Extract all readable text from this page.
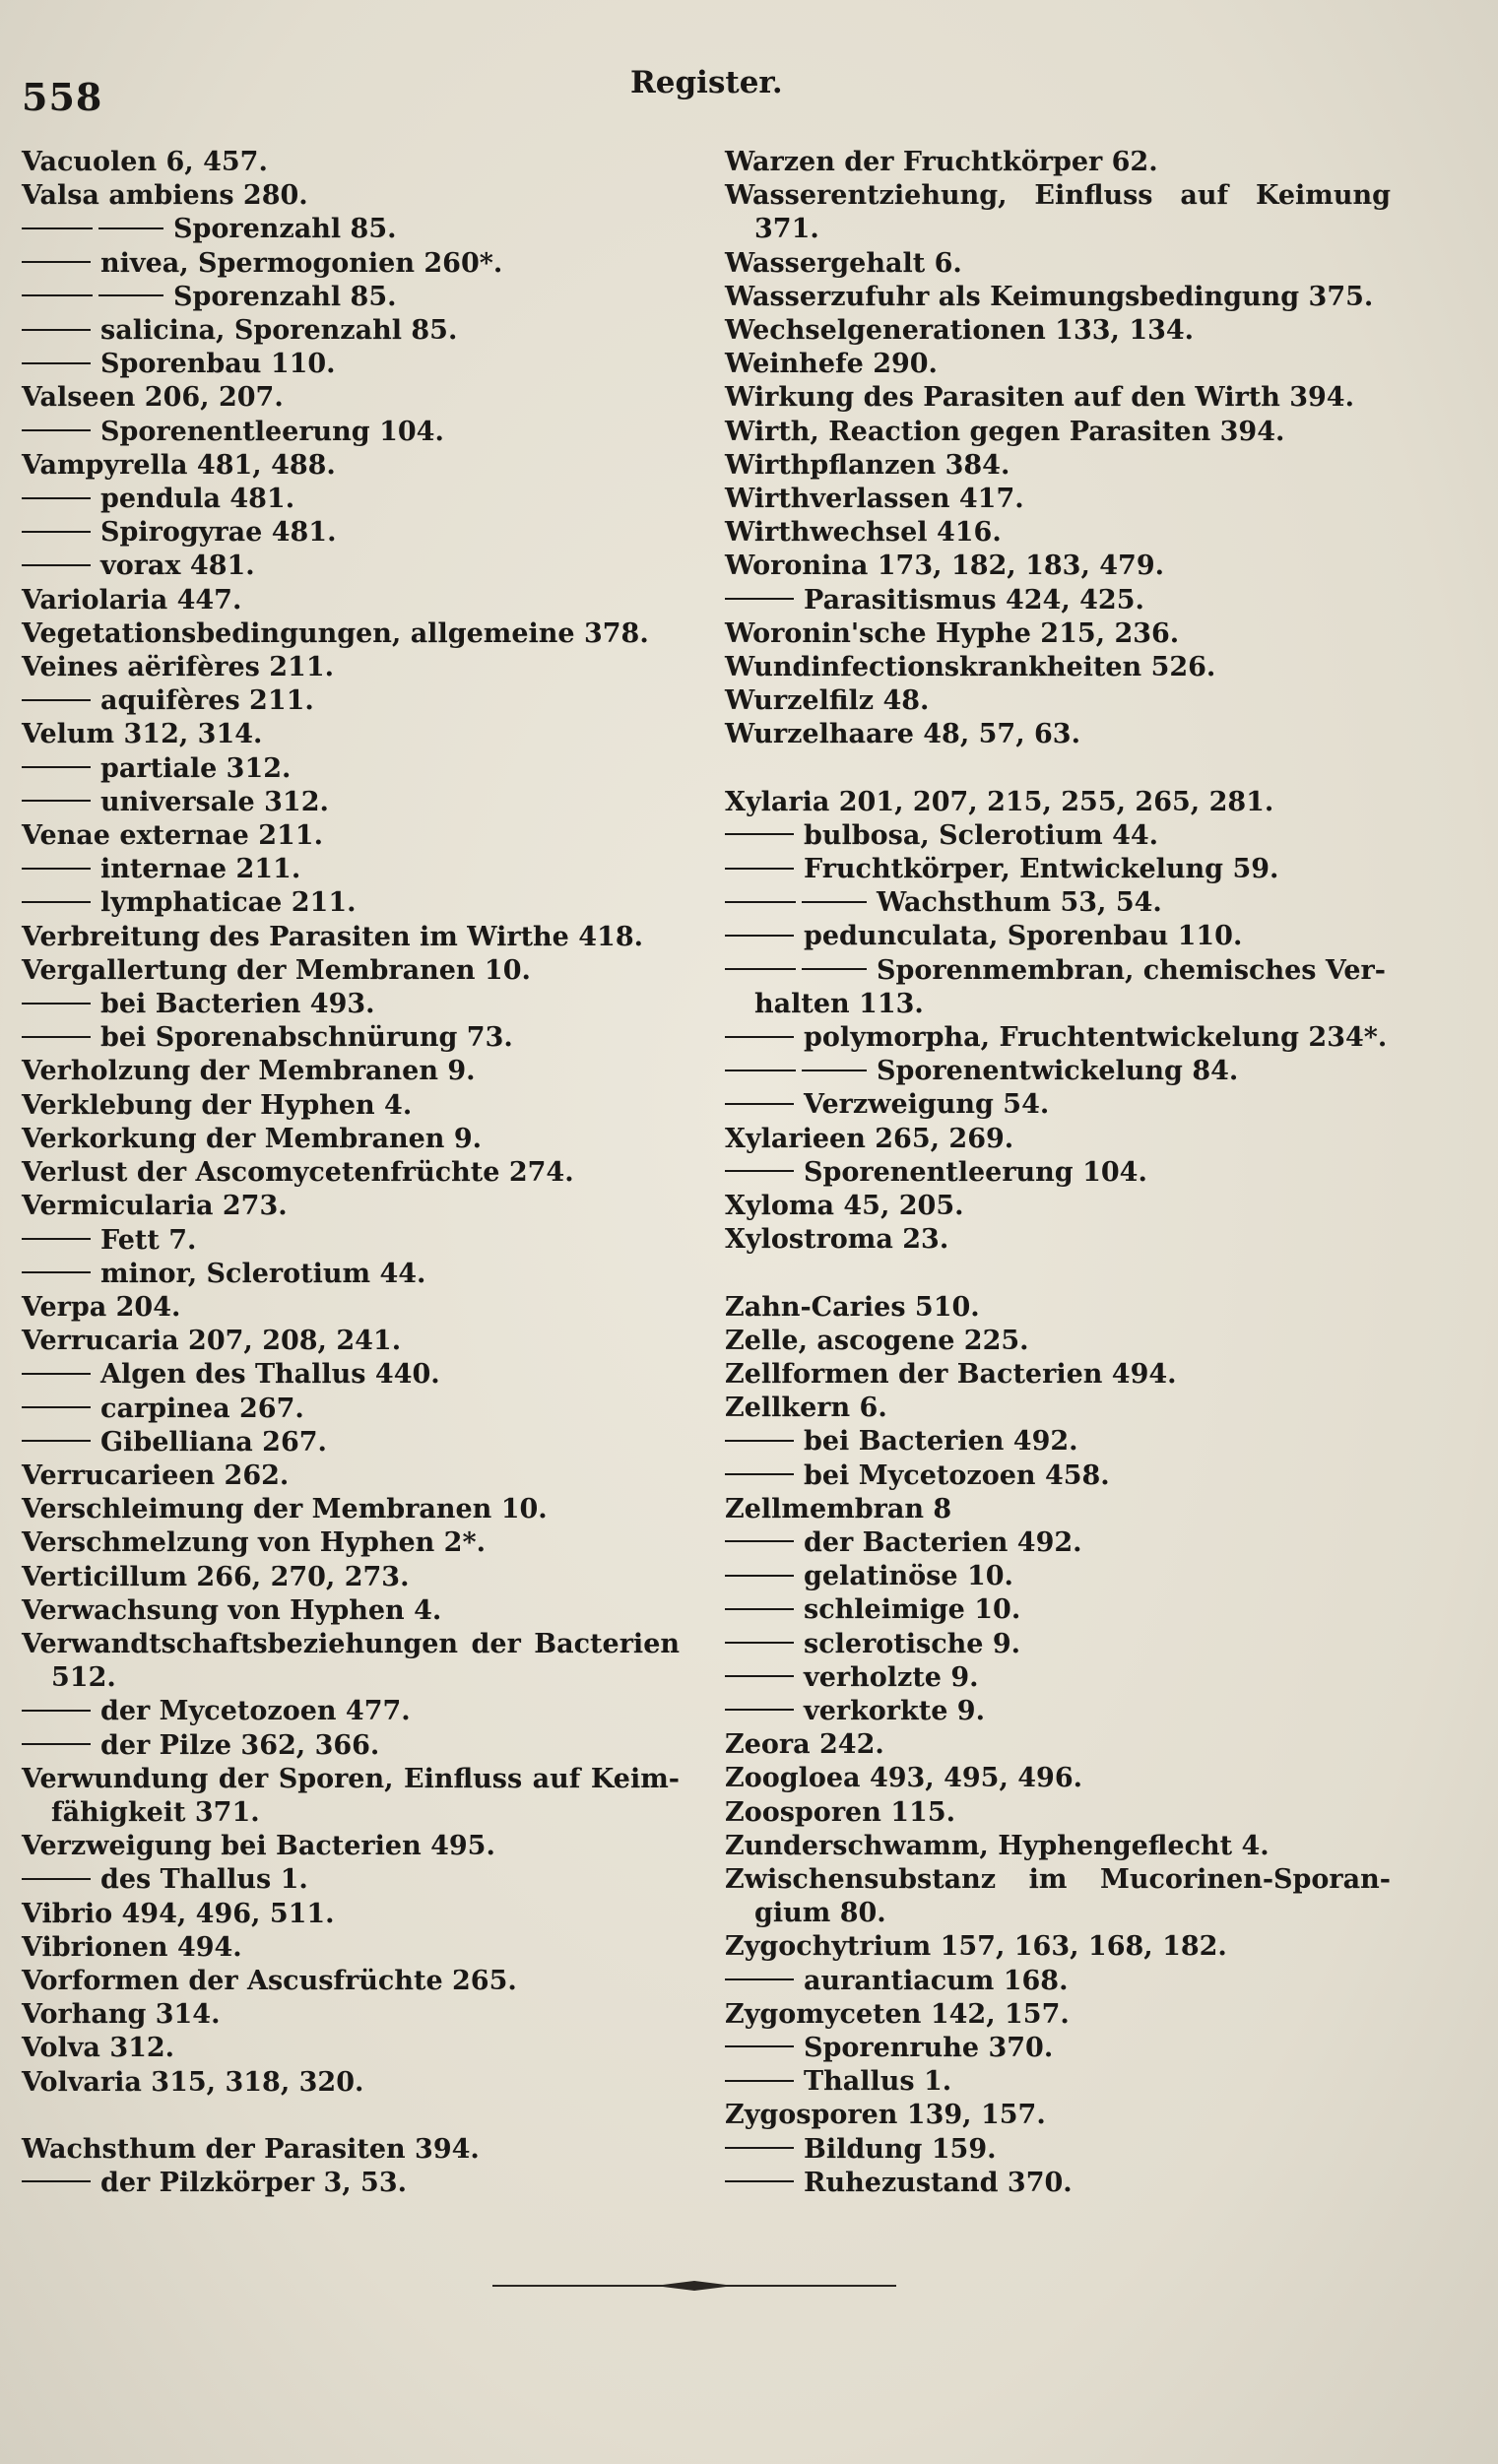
558	Register.
Vacuolen 6, 457.
Valsa ambiens 280.
Sporenzahl 85.
nivea, Spermogonien 260*.
Sporenzahl 85.
salicina, Sporenzahl 85.
Sporenbau 110.
Valseen 206, 207.
Sporenentleerung 104.
Vampyrella 481, 488.
pendula 481.
Spirogyrae 481.
vorax 481.
Variolaria 447.
Vegetationsbedingungen, allgemeine 378.
Veines aërifères 211.
aquifères 211.
Velum 312, 314.
partiale 312.
universale 312.
Venae externae 211.
internae 211.
lymphaticae 211.
Verbreitung des Parasiten im Wirthe 418.
Vergallertung der Membranen 10.
bei Bacterien 493.
bei Sporenabschnürung 73.
Verholzung der Membranen 9.
Verklebung der Hyphen 4.
Verkorkung der Membranen 9.
Verlust der Ascomycetenfrüchte 274.
Vermicularia 273.
Fett 7.
minor, Sclerotium 44.
Verpa 204.
Verrucaria 207, 208, 241.
Algen des Thallus 440.
carpinea 267.
Gibelliana 267.
Verrucarieen 262.
Verschleimung der Membranen 10.
Verschmelzung von Hyphen 2*.
Verticillum 266, 270, 273.
Verwachsung von Hyphen 4.
Verwandtschaftsbeziehungen der Bacterien
512.
der Mycetozoen 477.
der Pilze 362, 366.
Verwundung der Sporen, Einfluss auf Keim-
fähigkeit 371.
Verzweigung bei Bacterien 495.
des Thallus 1.
Vibrio 494, 496, 511.
Vibrionen 494.
Vorformen der Ascusfrüchte 265.
Vorhang 314.
Volva 312.
Volvaria 315, 318, 320.
Wachsthum der Parasiten 394.
der Pilzkörper 3, 53.
Warzen der Fruchtkörper 62.
Wasserentziehung, Einfluss auf Keimung
371.
Wassergehalt 6.
Wasserzufuhr als Keimungsbedingung 375.
Wechselgenerationen 133, 134.
Weinhefe 290.
Wirkung des Parasiten auf den Wirth 394.
Wirth, Reaction gegen Parasiten 394.
Wirthpflanzen 384.
Wirthverlassen 417.
Wirthwechsel 416.
Woronina 173, 182, 183, 479.
Parasitismus 424, 425.
Woronin'sche Hyphe 215, 236.
Wundinfectionskrankheiten 526.
Wurzelfilz 48.
Wurzelhaare 48, 57, 63.
Xylaria 201, 207, 215, 255, 265, 281.
bulbosa, Sclerotium 44.
Fruchtkörper, Entwickelung 59.
Wachsthum 53, 54.
pedunculata, Sporenbau 110.
Sporenmembran, chemisches Ver-
halten 113.
polymorpha, Fruchtentwickelung 234*.
Sporenentwickelung 84.
Verzweigung 54.
Xylarieen 265, 269.
Sporenentleerung 104.
Xyloma 45, 205.
Xylostroma 23.
Zahn-Caries 510.
Zelle, ascogene 225.
Zellformen der Bacterien 494.
Zellkern 6.
bei Bacterien 492.
bei Mycetozoen 458.
Zellmembran 8
der Bacterien 492.
gelatinöse 10.
schleimige 10.
sclerotische 9.
verholzte 9.
verkorkte 9.
Zeora 242.
Zoogloea 493, 495, 496.
Zoosporen 115.
Zunderschwamm, Hyphengeflecht 4.
Zwischensubstanz im Mucorinen-Sporan-
gium 80.
Zygochytrium 157, 163, 168, 182.
aurantiacum 168.
Zygomyceten 142, 157.
Sporenruhe 370.
Thallus 1.
Zygosporen 139, 157.
Bildung 159.
Ruhezustand 370.
